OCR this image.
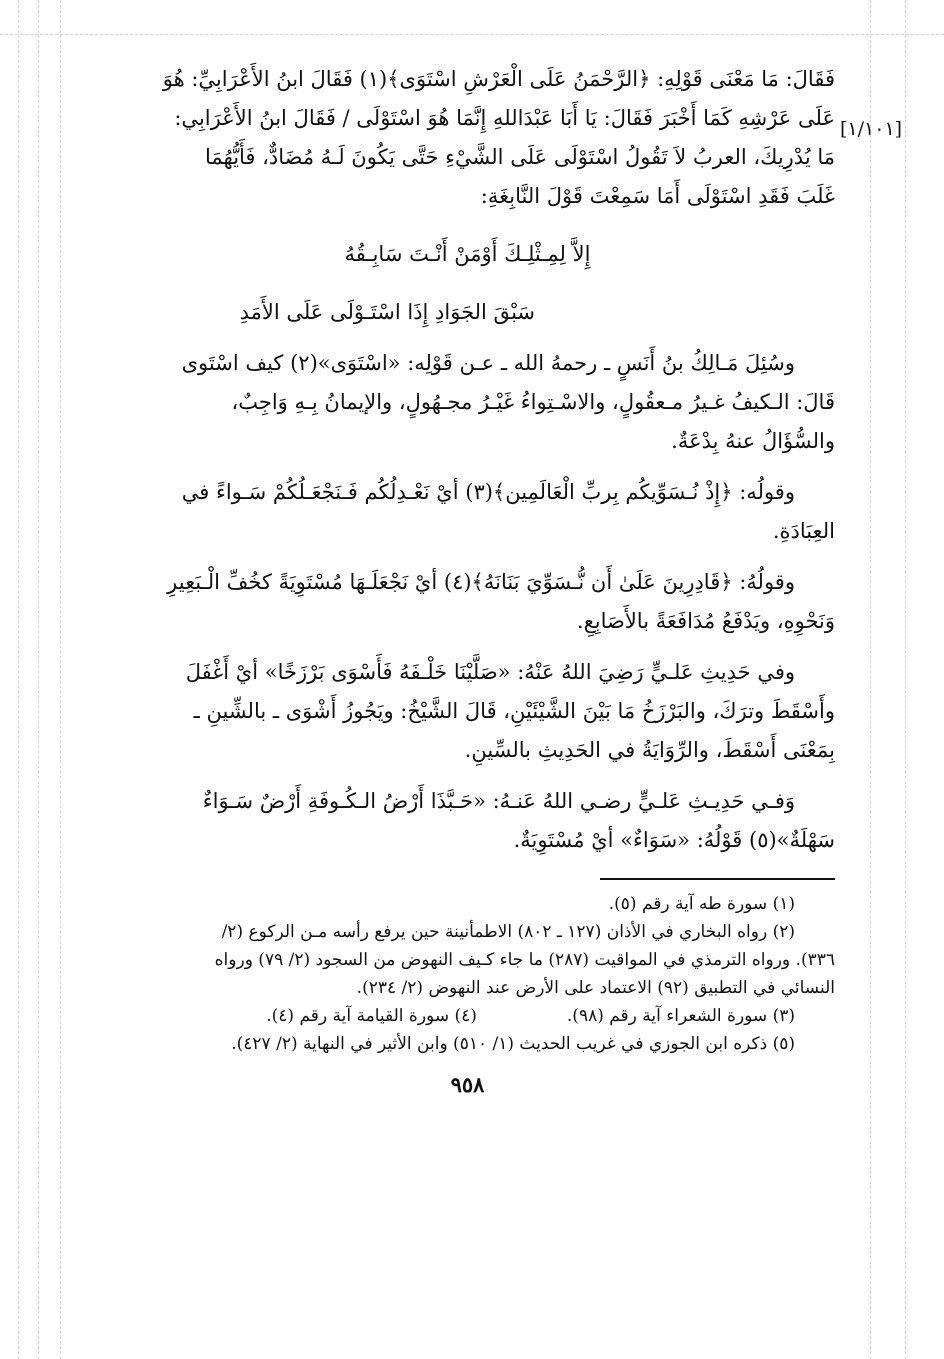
[١/١٠١]
فَقَالَ: مَا مَعْنَى قَوْلِهِ: ﴿الرَّحْمَنُ عَلَى الْعَرْشِ اسْتَوَى﴾(١) فَقَالَ ابنُ الأَعْرَابِيِّ: هُوَ
عَلَى عَرْشِهِ كَمَا أَخْبَرَ فَقَالَ: يَا أَبَا عَبْدَاللهِ إِنَّمَا هُوَ اسْتَوْلَى / فَقَالَ ابنُ الأَعْرَابِي:
مَا يُدْرِيكَ، العربُ لاَ تَقُولُ اسْتَوْلَى عَلَى الشَّيْءِ حَتَّى يَكُونَ لَـهُ مُضَادٌّ، فَأَيُّهُمَا
غَلَبَ فَقَدِ اسْتَوْلَى أَمَا سَمِعْتَ قَوْلَ النَّابِغَةِ:
إِلاَّ لِمِـثْلِـكَ أَوْمَنْ أَنْـتَ سَابِـقُهُ
سَبْقَ الجَوَادِ إِذَا اسْتَـوْلَى عَلَى الأَمَدِ
وسُئِلَ مَـالِكُ بنُ أَنَسٍ ـ رحمهُ الله ـ عـن قَوْلِه: «اسْتَوَى»(٢) كيف اسْتَوى
قَالَ: الـكيفُ غـيرُ مـعقُولٍ، والاسْـتِواءُ غَيْـرُ مجـهُولٍ، والإيمانُ بِـهِ وَاجِبٌ،
والسُّؤَالُ عنهُ بِدْعَةٌ.
وقولُه: ﴿إِذْ نُـسَوِّيكُم بِربِّ الْعَالَمِين﴾(٣) أيْ نَعْـدِلُكُم فَـنَجْعَـلُكُمْ سَـواءً في
العِبَادَةِ.
وقولُهُ: ﴿قَادِرِينَ عَلَىٰ أَن نُّـسَوِّيَ بَنَانَهُ﴾(٤) أيْ نَجْعَلَـهَا مُسْتَوِيَةً كخُفِّ الْـبَعِيرِ
وَنَحْوِهِ، ويَدْفَعُ مُدَافَعَةً بالأَصَابِعِ.
وفي حَدِيثِ عَلـيٍّ رَضِيَ اللهُ عَنْهُ: «صَلَّيْنَا خَلْـفَهُ فَأَسْوَى بَرْزَخًا» أيْ أَغْفَلَ
وأَسْقَطَ وترَكَ، والبَرْزَخُ مَا بَيْنَ الشَّيْئَيْنِ، قَالَ الشَّيْخُ: ويَجُوزُ أَشْوَى ـ بالشِّينِ ـ
بِمَعْنَى أَسْقَطَ، والرِّوَايَةُ في الحَدِيثِ بالسِّينِ.
وَفـي حَدِيـثِ عَلـيٍّ رضـي اللهُ عَنـهُ: «حَـبَّذَا أَرْضُ الـكُـوفَةِ أَرْضٌ سَـوَاءٌ
سَهْلَةٌ»(٥) قَوْلُهُ: «سَوَاءٌ» أيْ مُسْتَوِيَةٌ.
(١) سورة طه آية رقم (٥).
(٢) رواه البخاري في الأذان (١٢٧ ـ ٨٠٢) الاطمأنينة حين يرفع رأسه مـن الركوع (٢/
٣٣٦). ورواه الترمذي في المواقيت (٢٨٧) ما جاء كـيف النهوض من السجود (٢/ ٧٩) ورواه
النسائي في التطبيق (٩٢) الاعتماد على الأرض عند النهوض (٢/ ٢٣٤).
(٣) سورة الشعراء آية رقم (٩٨).
(٤) سورة القيامة آية رقم (٤).
(٥) ذكره ابن الجوزي في غريب الحديث (١/ ٥١٠) وابن الأثير في النهاية (٢/ ٤٢٧).
٩٥٨
